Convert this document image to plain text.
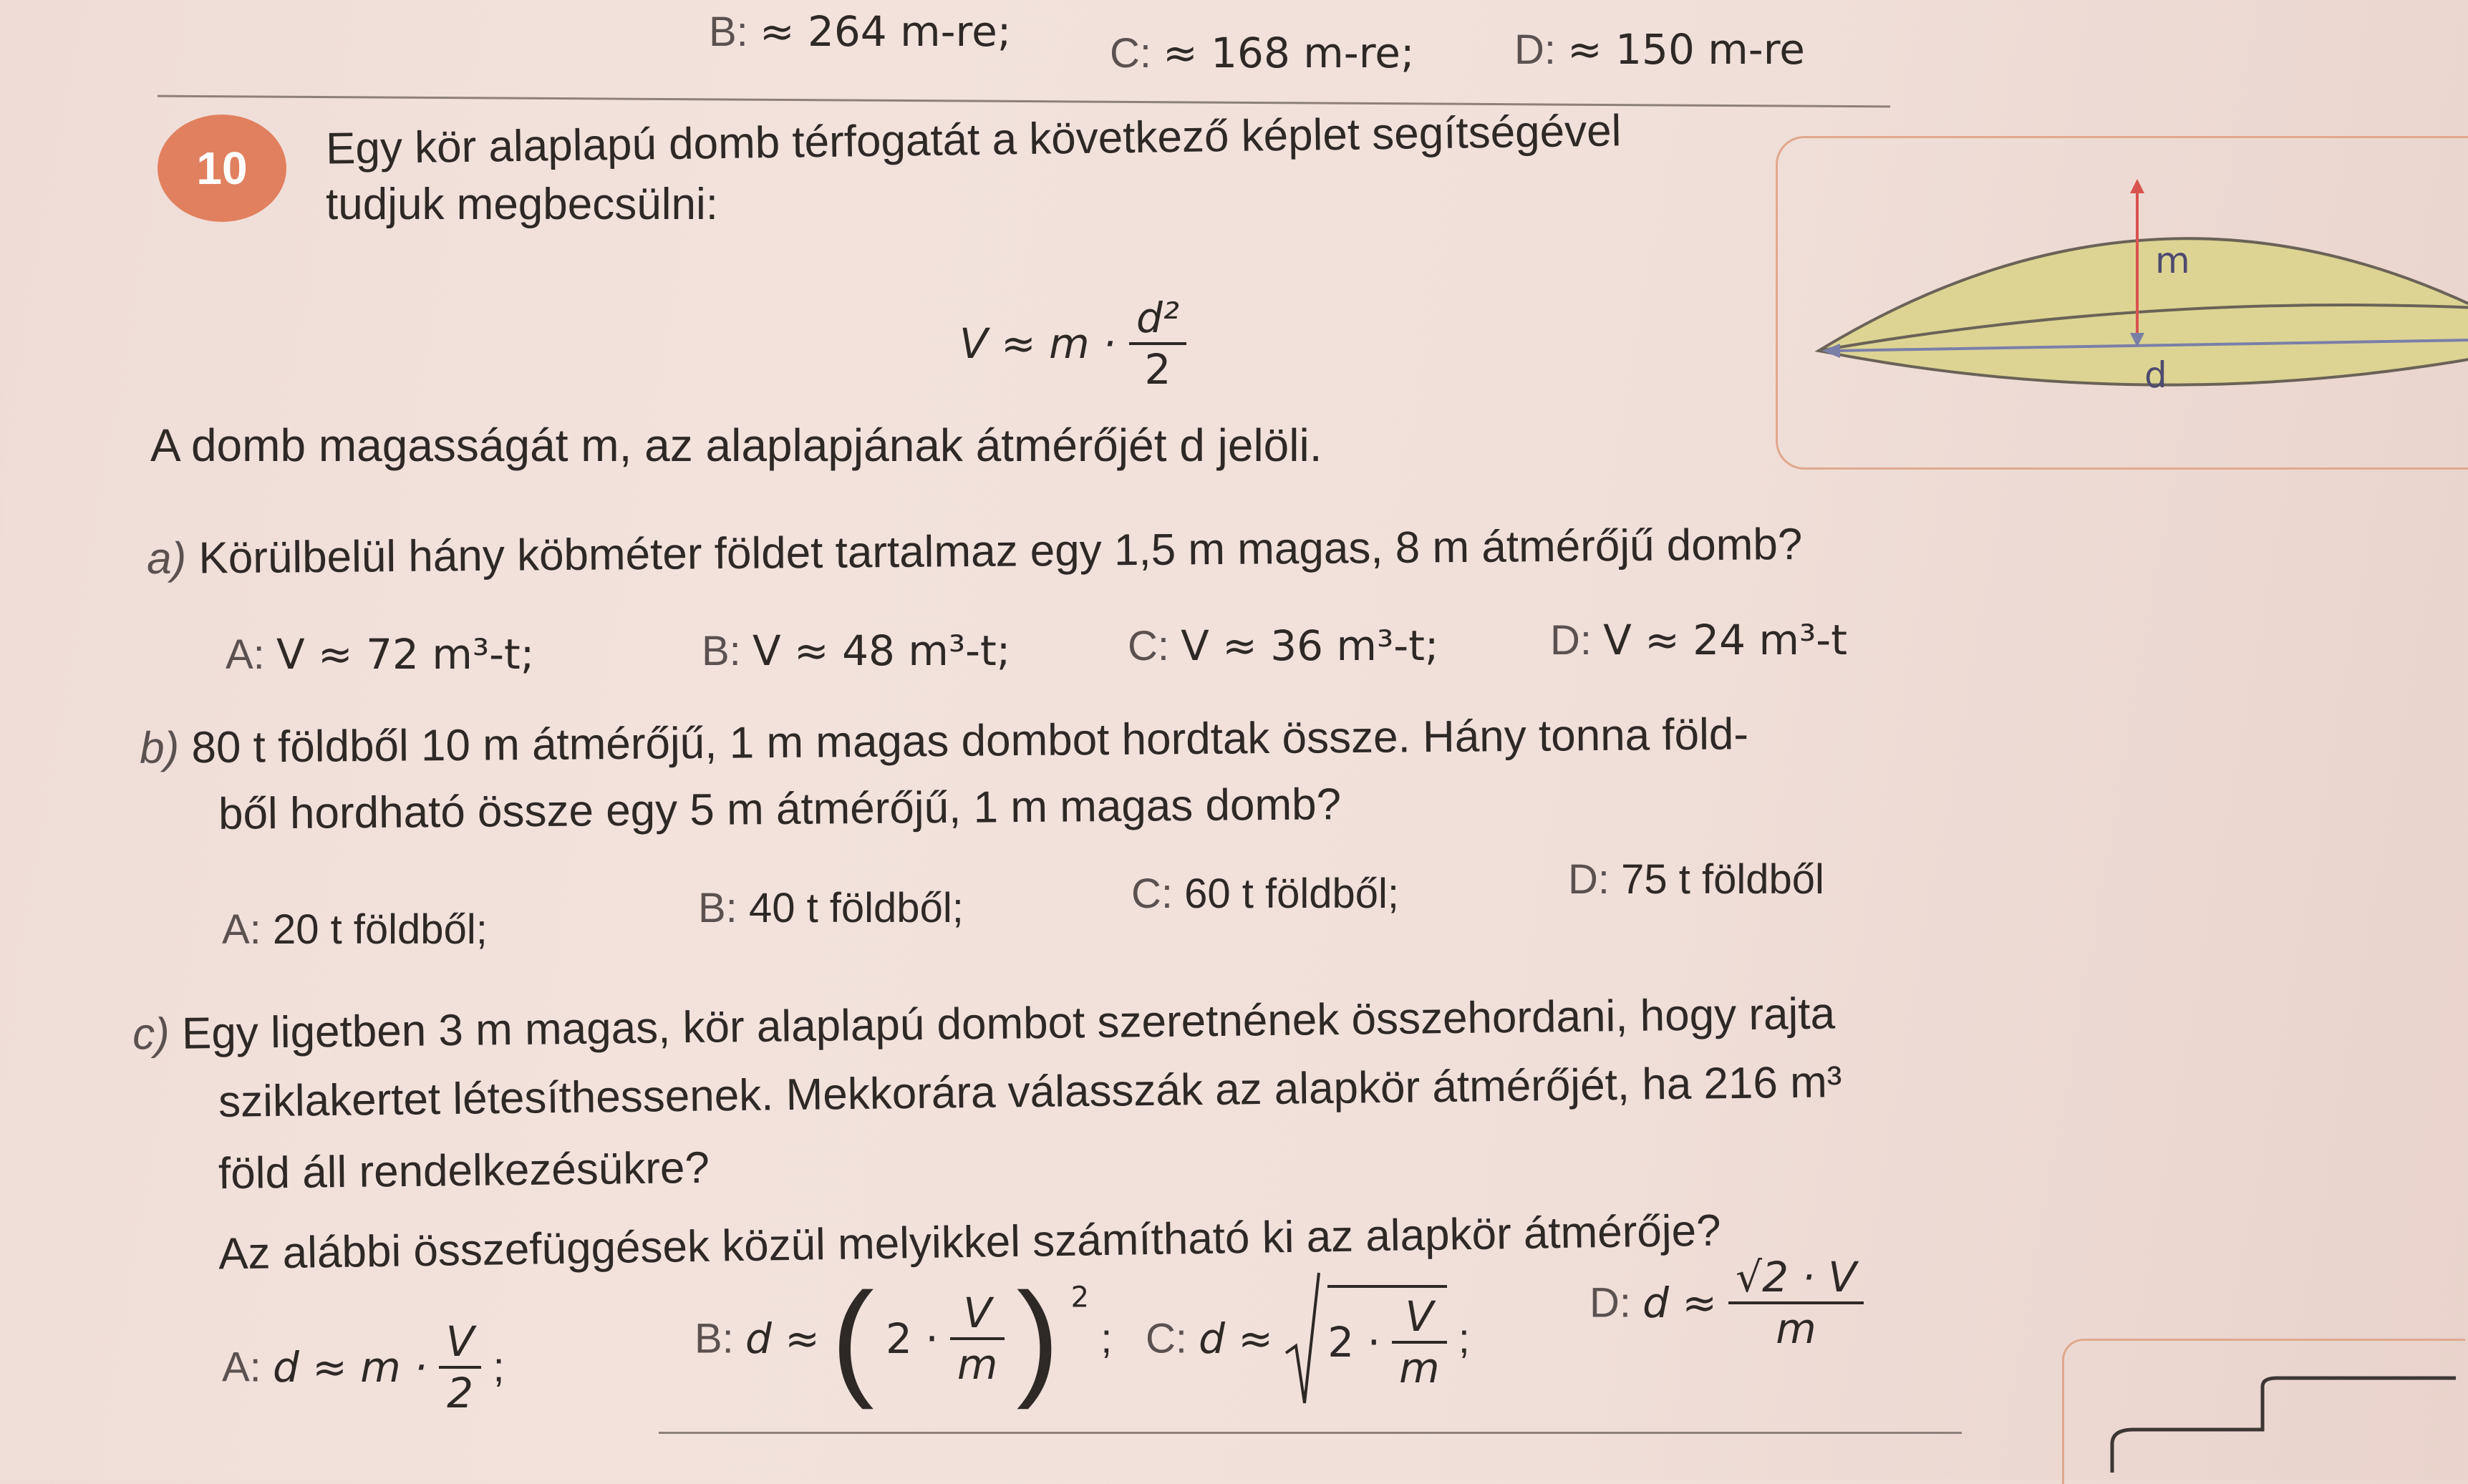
B: ≈ 264 m-re; C: ≈ 168 m-re; D: ≈ 150 m-re
10 Egy kör alaplapú domb térfogatát a következő képlet segítségével
tudjuk megbecsülni:
$V \approx m \cdot \frac{\text{d²}}{2}$
m
d
A domb magasságát m, az alaplapjának átmérőjét d jelöli.
a) Körülbelül hány köbméter földet tartalmaz egy 1,5 m magas, 8 m átmérőjű domb?
A: V ≈ 72 m³-t;	B: V ≈ 48 m³-t;	C: V ≈ 36 m³-t;	D: V ≈ 24 m³-t
b) 80 t földből 10 m átmérőjű, 1 m magas dombot hordtak össze. Hány tonna föld-
ből hordható össze egy 5 m átmérőjű, 1 m magas domb?
A: 20 t földből;	B: 40 t földből;	C: 60 t földből;	D: 75 t földből
c) Egy ligetben 3 m magas, kör alaplapú dombot szeretnének összehordani, hogy rajta
sziklakertet létesíthessenek. Mekkorára válasszák az alapkör átmérőjét, ha 216 m³
föld áll rendelkezésükre?
Az alábbi összefüggések közül melyikkel számítható ki az alapkör átmérője?
A: $d \approx m \cdot \frac{V}{2}$ ;
B: d ≈ ( $2 \cdot \frac{V}{m}$ ) $^2$ ; C: $d \approx 2 \cdot \frac{V}{m}$ ;
D: $d \approx \frac{√2 \cdot V}{m}$
